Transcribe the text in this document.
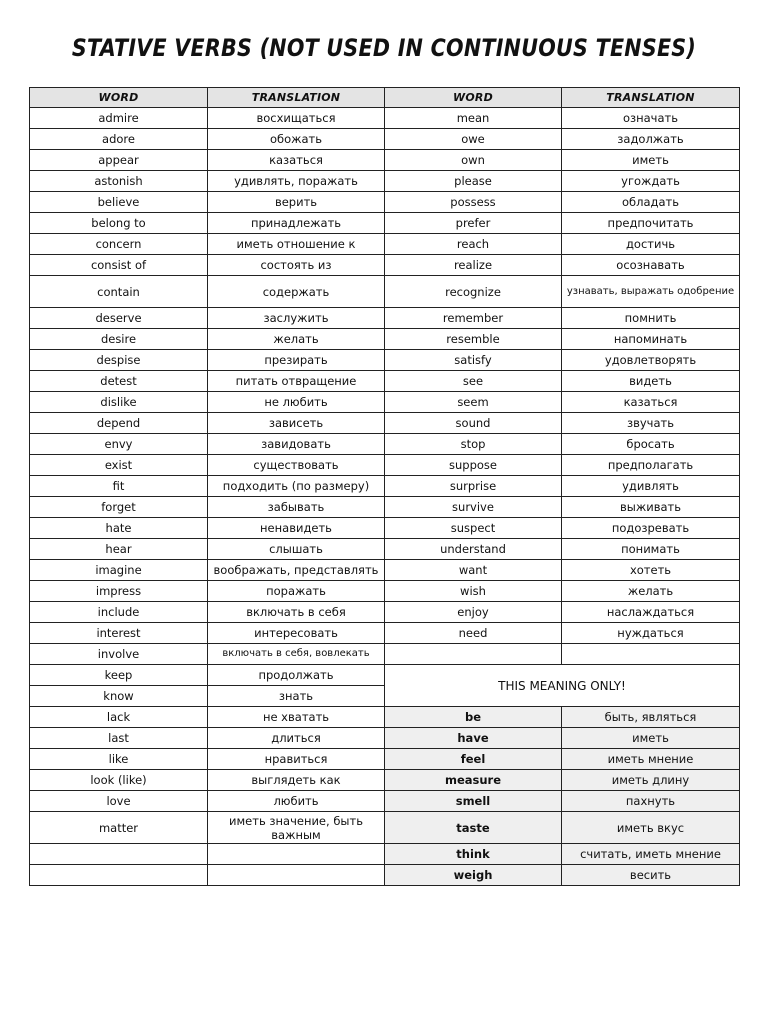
STATIVE VERBS (NOT USED IN CONTINUOUS TENSES)
WORD	TRANSLATION	WORD	TRANSLATION
admire	восхищаться	mean	означать
adore	обожать	owe	задолжать
appear	казаться	own	иметь
astonish	удивлять, поражать	please	угождать
believe	верить	possess	обладать
belong to	принадлежать	prefer	предпочитать
concern	иметь отношение к	reach	достичь
consist of	состоять из	realize	осознавать
contain	содержать	recognize	узнавать, выражать одобрение
deserve	заслужить	remember	помнить
desire	желать	resemble	напоминать
despise	презирать	satisfy	удовлетворять
detest	питать отвращение	see	видеть
dislike	не любить	seem	казаться
depend	зависеть	sound	звучать
envy	завидовать	stop	бросать
exist	существовать	suppose	предполагать
fit	подходить (по размеру)	surprise	удивлять
forget	забывать	survive	выживать
hate	ненавидеть	suspect	подозревать
hear	слышать	understand	понимать
imagine	воображать, представлять	want	хотеть
impress	поражать	wish	желать
include	включать в себя	enjoy	наслаждаться
interest	интересовать	need	нуждаться
involve	включать в себя, вовлекать		
keep	продолжать	THIS MEANING ONLY!	
know	знать		
lack	не хватать	be	быть, являться
last	длиться	have	иметь
like	нравиться	feel	иметь мнение
look (like)	выглядеть как	measure	иметь длину
love	любить	smell	пахнуть
matter	иметь значение, быть важным	taste	иметь вкус
		think	считать, иметь мнение
		weigh	весить
